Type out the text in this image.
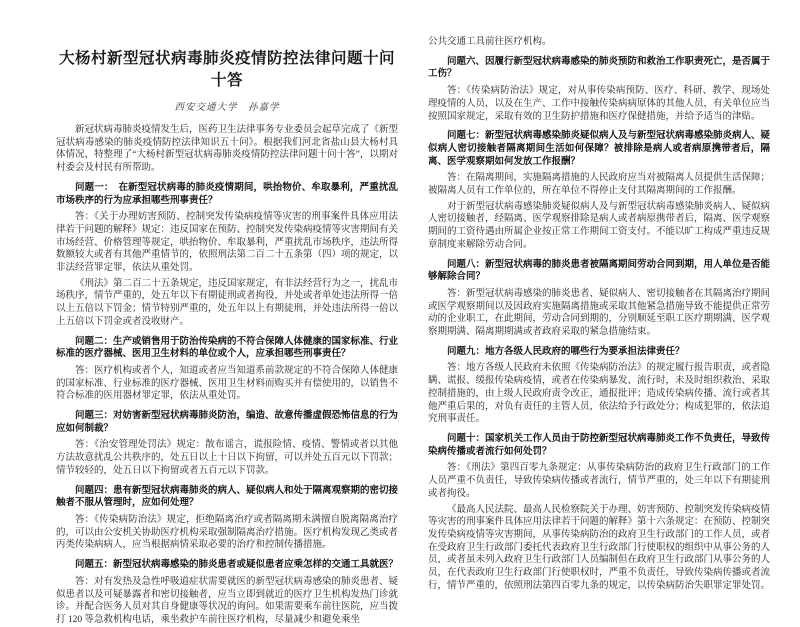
大杨村新型冠状病毒肺炎疫情防控法律问题十问十答
西安交通大学　孙嘉学

新冠状病毒肺炎疫情发生后，医药卫生法律事务专业委员会起草完成了《新型冠状病毒感染的肺炎疫情防控法律知识五十问》。根据我们河北省盐山县大杨村具体情况，特整理了“大杨村新型冠状病毒肺炎疫情防控法律问题十问十答”，以期对村委会及村民有所帮助。

问题一：　在新型冠状病毒的肺炎疫情期间，哄抬物价、牟取暴利，严重扰乱市场秩序的行为应承担哪些刑事责任？

答：《关于办理妨害预防、控制突发传染病疫情等灾害的刑事案件具体应用法律若干问题的解释》规定：违反国家在预防、控制突发传染病疫情等灾害期间有关市场经营、价格管理等规定，哄抬物价、牟取暴利，严重扰乱市场秩序，违法所得数额较大或者有其他严重情节的，依照刑法第二百二十五条第（四）项的规定，以非法经营罪定罪，依法从重处罚。

《刑法》第二百二十五条规定，违反国家规定，有非法经营行为之一，扰乱市场秩序，情节严重的，处五年以下有期徒刑或者拘役，并处或者单处违法所得一倍以上五倍以下罚金；情节特别严重的，处五年以上有期徒刑，并处违法所得一倍以上五倍以下罚金或者没收财产。

问题二：生产或销售用于防治传染病的不符合保障人体健康的国家标准、行业标准的医疗器械、医用卫生材料的单位或个人，应承担哪些刑事责任？

答：医疗机构或者个人，知道或者应当知道系前款规定的不符合保障人体健康的国家标准、行业标准的医疗器械、医用卫生材料而购买并有偿使用的，以销售不符合标准的医用器材罪定罪，依法从重处罚。

问题三：对妨害新型冠状病毒肺炎防治，编造、故意传播虚假恐怖信息的行为应如何制裁？

答：《治安管理处罚法》规定：散布谣言，谎报险情、疫情、警情或者以其他方法故意扰乱公共秩序的，处五日以上十日以下拘留，可以并处五百元以下罚款；情节较轻的，处五日以下拘留或者五百元以下罚款。

问题四：患有新型冠状病毒肺炎的病人、疑似病人和处于隔离观察期的密切接触者不服从管理时，应如何处理？

答：《传染病防治法》规定，拒绝隔离治疗或者隔离期未满擅自脱离隔离治疗的，可以由公安机关协助医疗机构采取强制隔离治疗措施。医疗机构发现乙类或者丙类传染病病人，应当根据病情采取必要的治疗和控制传播措施。

问题五：新型冠状病毒感染的肺炎患者或疑似患者应乘怎样的交通工具就医？

答：对有发热及急性呼吸道症状需要就医的新型冠状病毒感染的肺炎患者、疑似患者以及可疑暴露者和密切接触者，应当立即到就近的医疗卫生机构发热门诊就诊。并配合医务人员对其自身健康等状况的询问。如果需要乘车前往医院，应当拨打 120 等急救机构电话，乘坐救护车前往医疗机构，尽量减少和避免乘坐

公共交通工具前往医疗机构。

问题六、因履行新型冠状病毒感染的肺炎预防和救治工作职责死亡，是否属于工伤？

答：《传染病防治法》规定，对从事传染病预防、医疗、科研、教学、现场处理疫情的人员，以及在生产、工作中接触传染病病原体的其他人员，有关单位应当按照国家规定，采取有效的卫生防护措施和医疗保健措施，并给予适当的津贴。

问题七：新型冠状病毒感染肺炎疑似病人及与新型冠状病毒感染肺炎病人、疑似病人密切接触者隔离期间生活如何保障？被排除是病人或者病原携带者后，隔离、医学观察期如何发放工作报酬？

答：在隔离期间，实施隔离措施的人民政府应当对被隔离人员提供生活保障；被隔离人员有工作单位的，所在单位不得停止支付其隔离期间的工作报酬。

对于新型冠状病毒感染肺炎疑似病人及与新型冠状病毒感染肺炎病人、疑似病人密切接触者，经隔离、医学观察排除是病人或者病原携带者后，隔离、医学观察期间的工资待遇由所属企业按正常工作期间工资支付。不能以旷工构成严重违反规章制度来解除劳动合同。

问题八：新型冠状病毒的肺炎患者被隔离期间劳动合同到期，用人单位是否能够解除合同？

答：新型冠状病毒感染的肺炎患者、疑似病人、密切接触者在其隔离治疗期间或医学观察期间以及因政府实施隔离措施或采取其他紧急措施导致不能提供正常劳动的企业职工，在此期间，劳动合同到期的，分别顺延至职工医疗期期满、医学观察期期满、隔离期期满或者政府采取的紧急措施结束。

问题九：地方各级人民政府的哪些行为要承担法律责任？

答：地方各级人民政府未依照《传染病防治法》的规定履行报告职责，或者隐瞒、谎报、缓报传染病疫情，或者在传染病暴发、流行时，未及时组织救治、采取控制措施的，由上级人民政府责令改正，通报批评；造成传染病传播、流行或者其他严重后果的，对负有责任的主管人员，依法给予行政处分；构成犯罪的，依法追究刑事责任。

问题十：国家机关工作人员由于防控新型冠状病毒肺炎工作不负责任，导致传染病传播或者流行如何处罚？

答：《刑法》第四百零九条规定：从事传染病防治的政府卫生行政部门的工作人员严重不负责任，导致传染病传播或者流行，情节严重的，处三年以下有期徒刑或者拘役。

《最高人民法院、最高人民检察院关于办理、妨害预防、控制突发传染病疫情等灾害的刑事案件具体应用法律若干问题的解释》第十六条规定：在预防、控制突发传染病疫情等灾害期间，从事传染病防治的政府卫生行政部门的工作人员，或者在受政府卫生行政部门委托代表政府卫生行政部门行使职权的组织中从事公务的人员，或者虽未列入政府卫生行政部门人员编制但在政府卫生行政部门从事公务的人员，在代表政府卫生行政部门行使职权时，严重不负责任，导致传染病传播或者流行，情节严重的，依照刑法第四百零九条的规定，以传染病防治失职罪定罪处罚。
